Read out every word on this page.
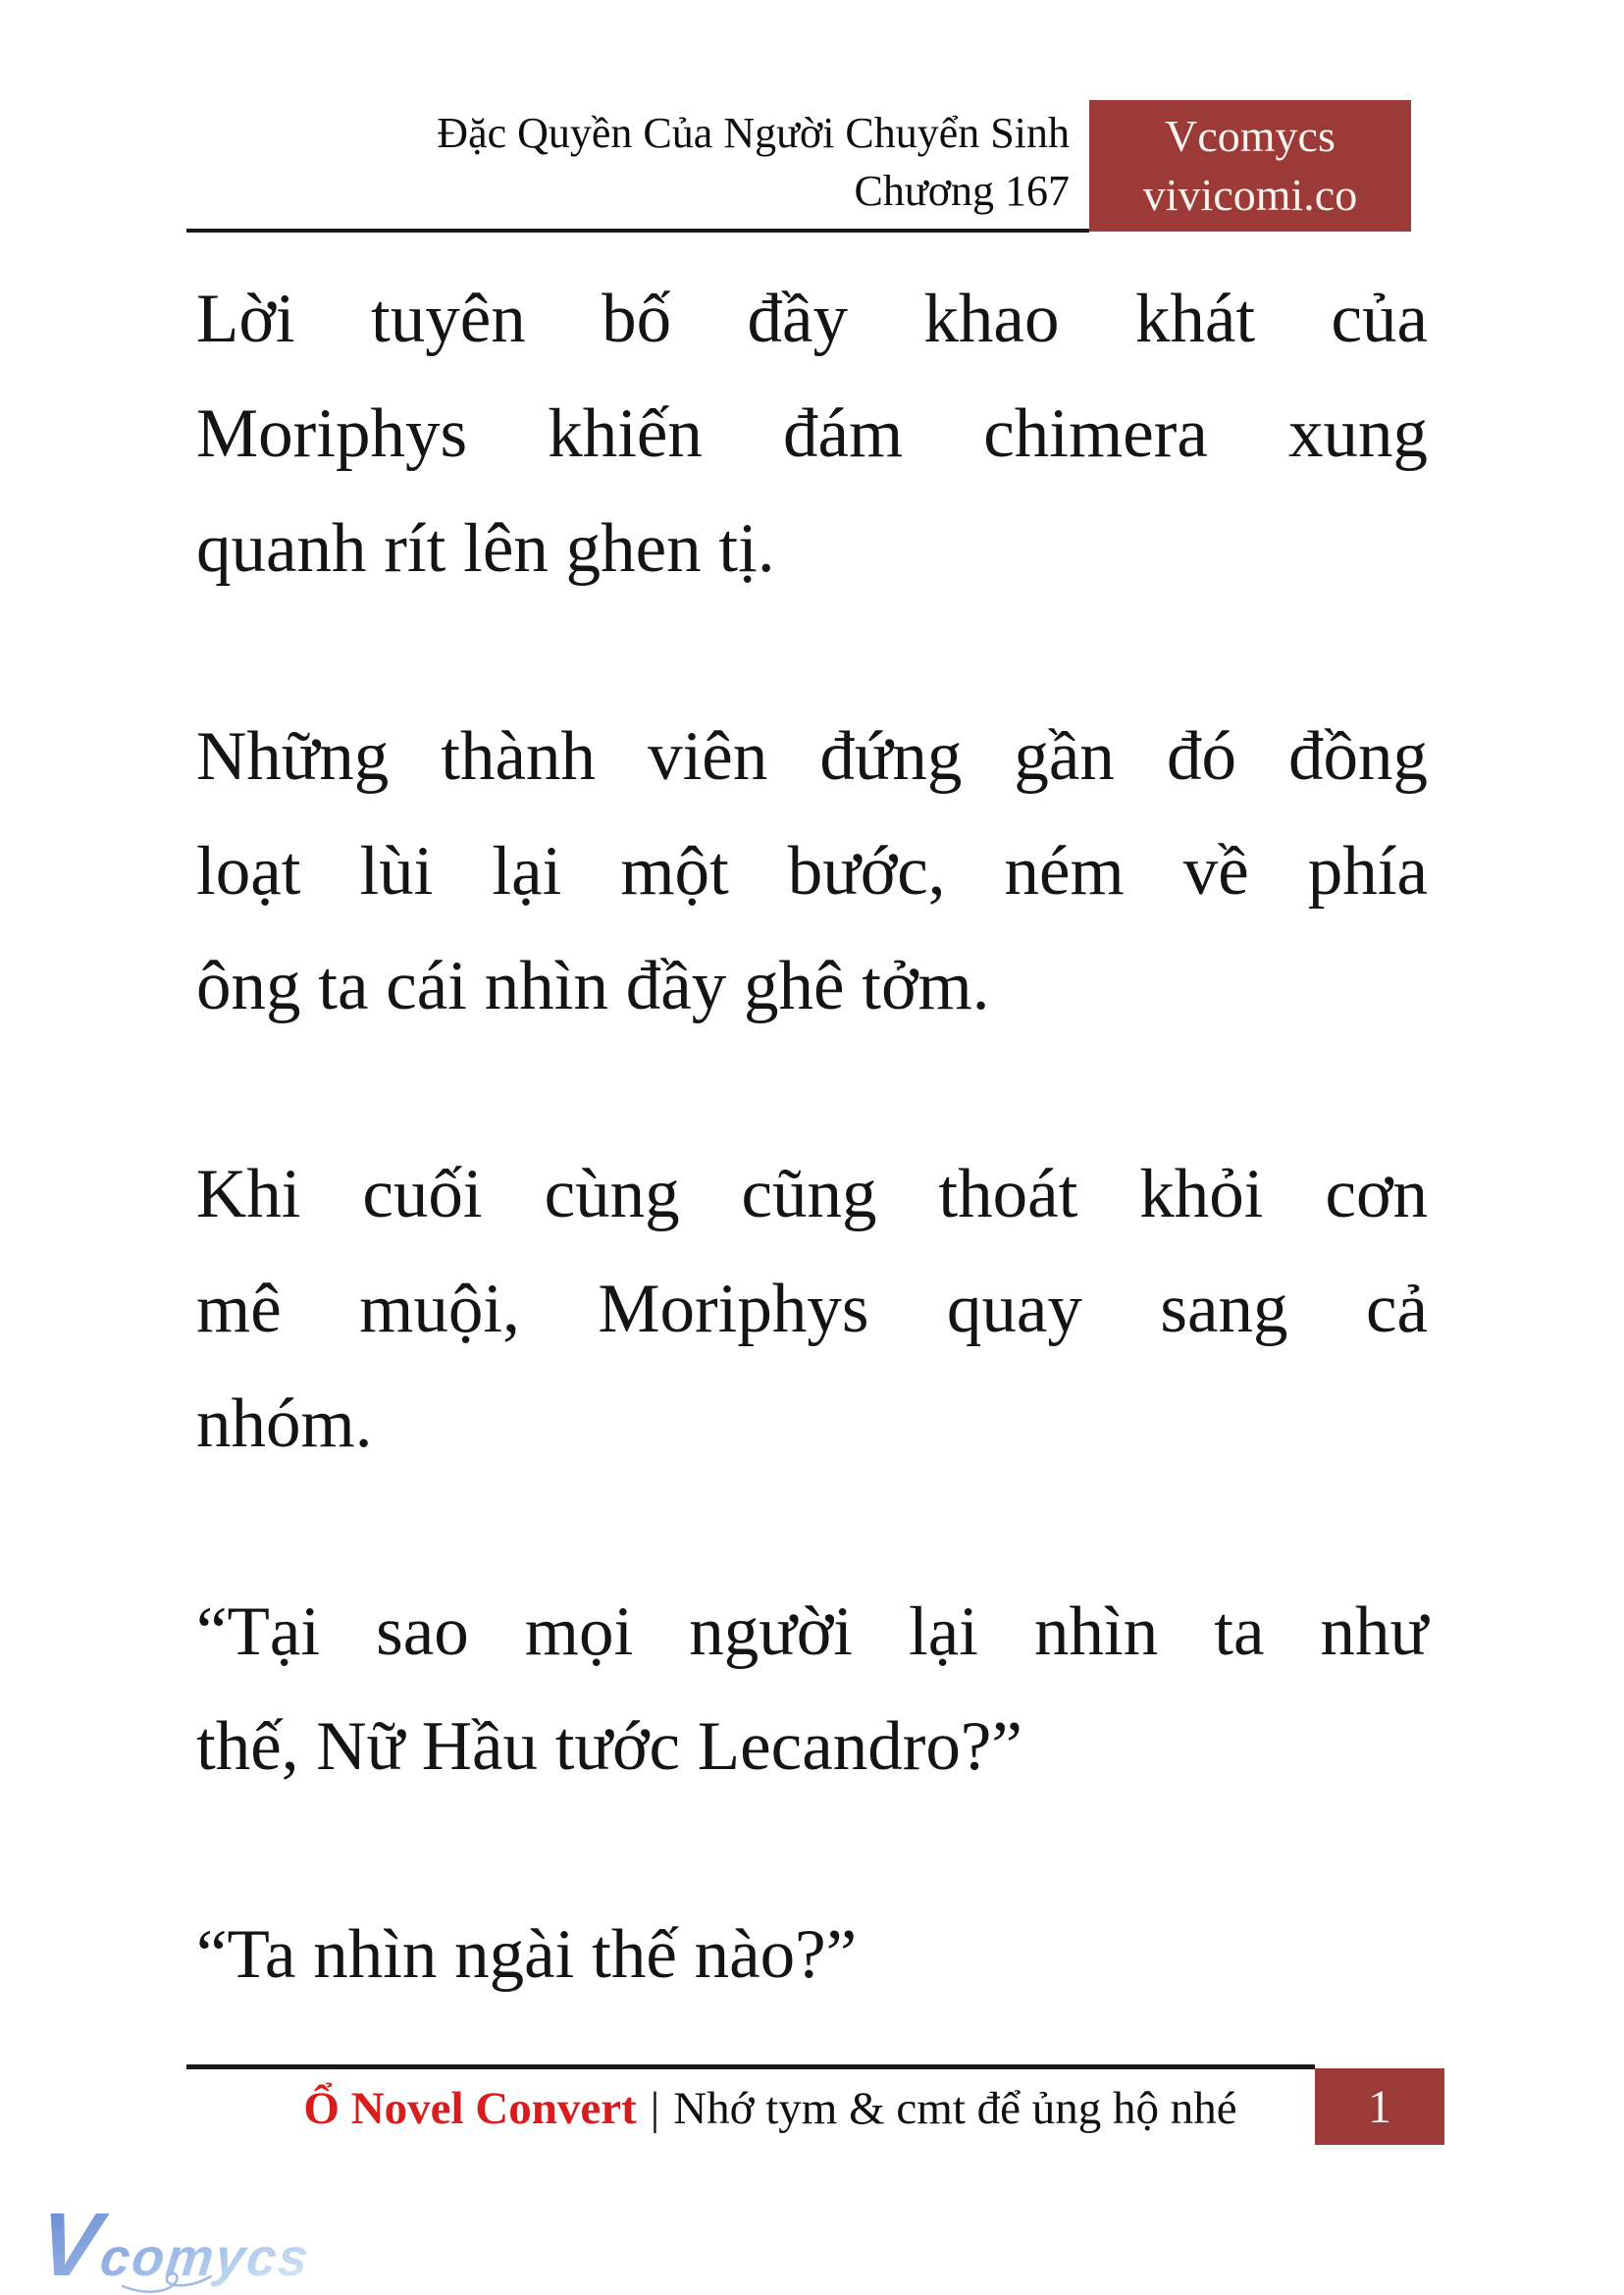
Đặc Quyền Của Người Chuyển Sinh
Chương 167
Vcomycs
vivicomi.co
Lời tuyên bố đầy khao khát của
Moriphys khiến đám chimera xung
quanh rít lên ghen tị.
Những thành viên đứng gần đó đồng
loạt lùi lại một bước, ném về phía
ông ta cái nhìn đầy ghê tởm.
Khi cuối cùng cũng thoát khỏi cơn
mê muội, Moriphys quay sang cả
nhóm.
“Tại sao mọi người lại nhìn ta như
thế, Nữ Hầu tước Lecandro?”
“Ta nhìn ngài thế nào?”
Ổ Novel Convert | Nhớ tym & cmt để ủng hộ nhé	1
Vcomycs
